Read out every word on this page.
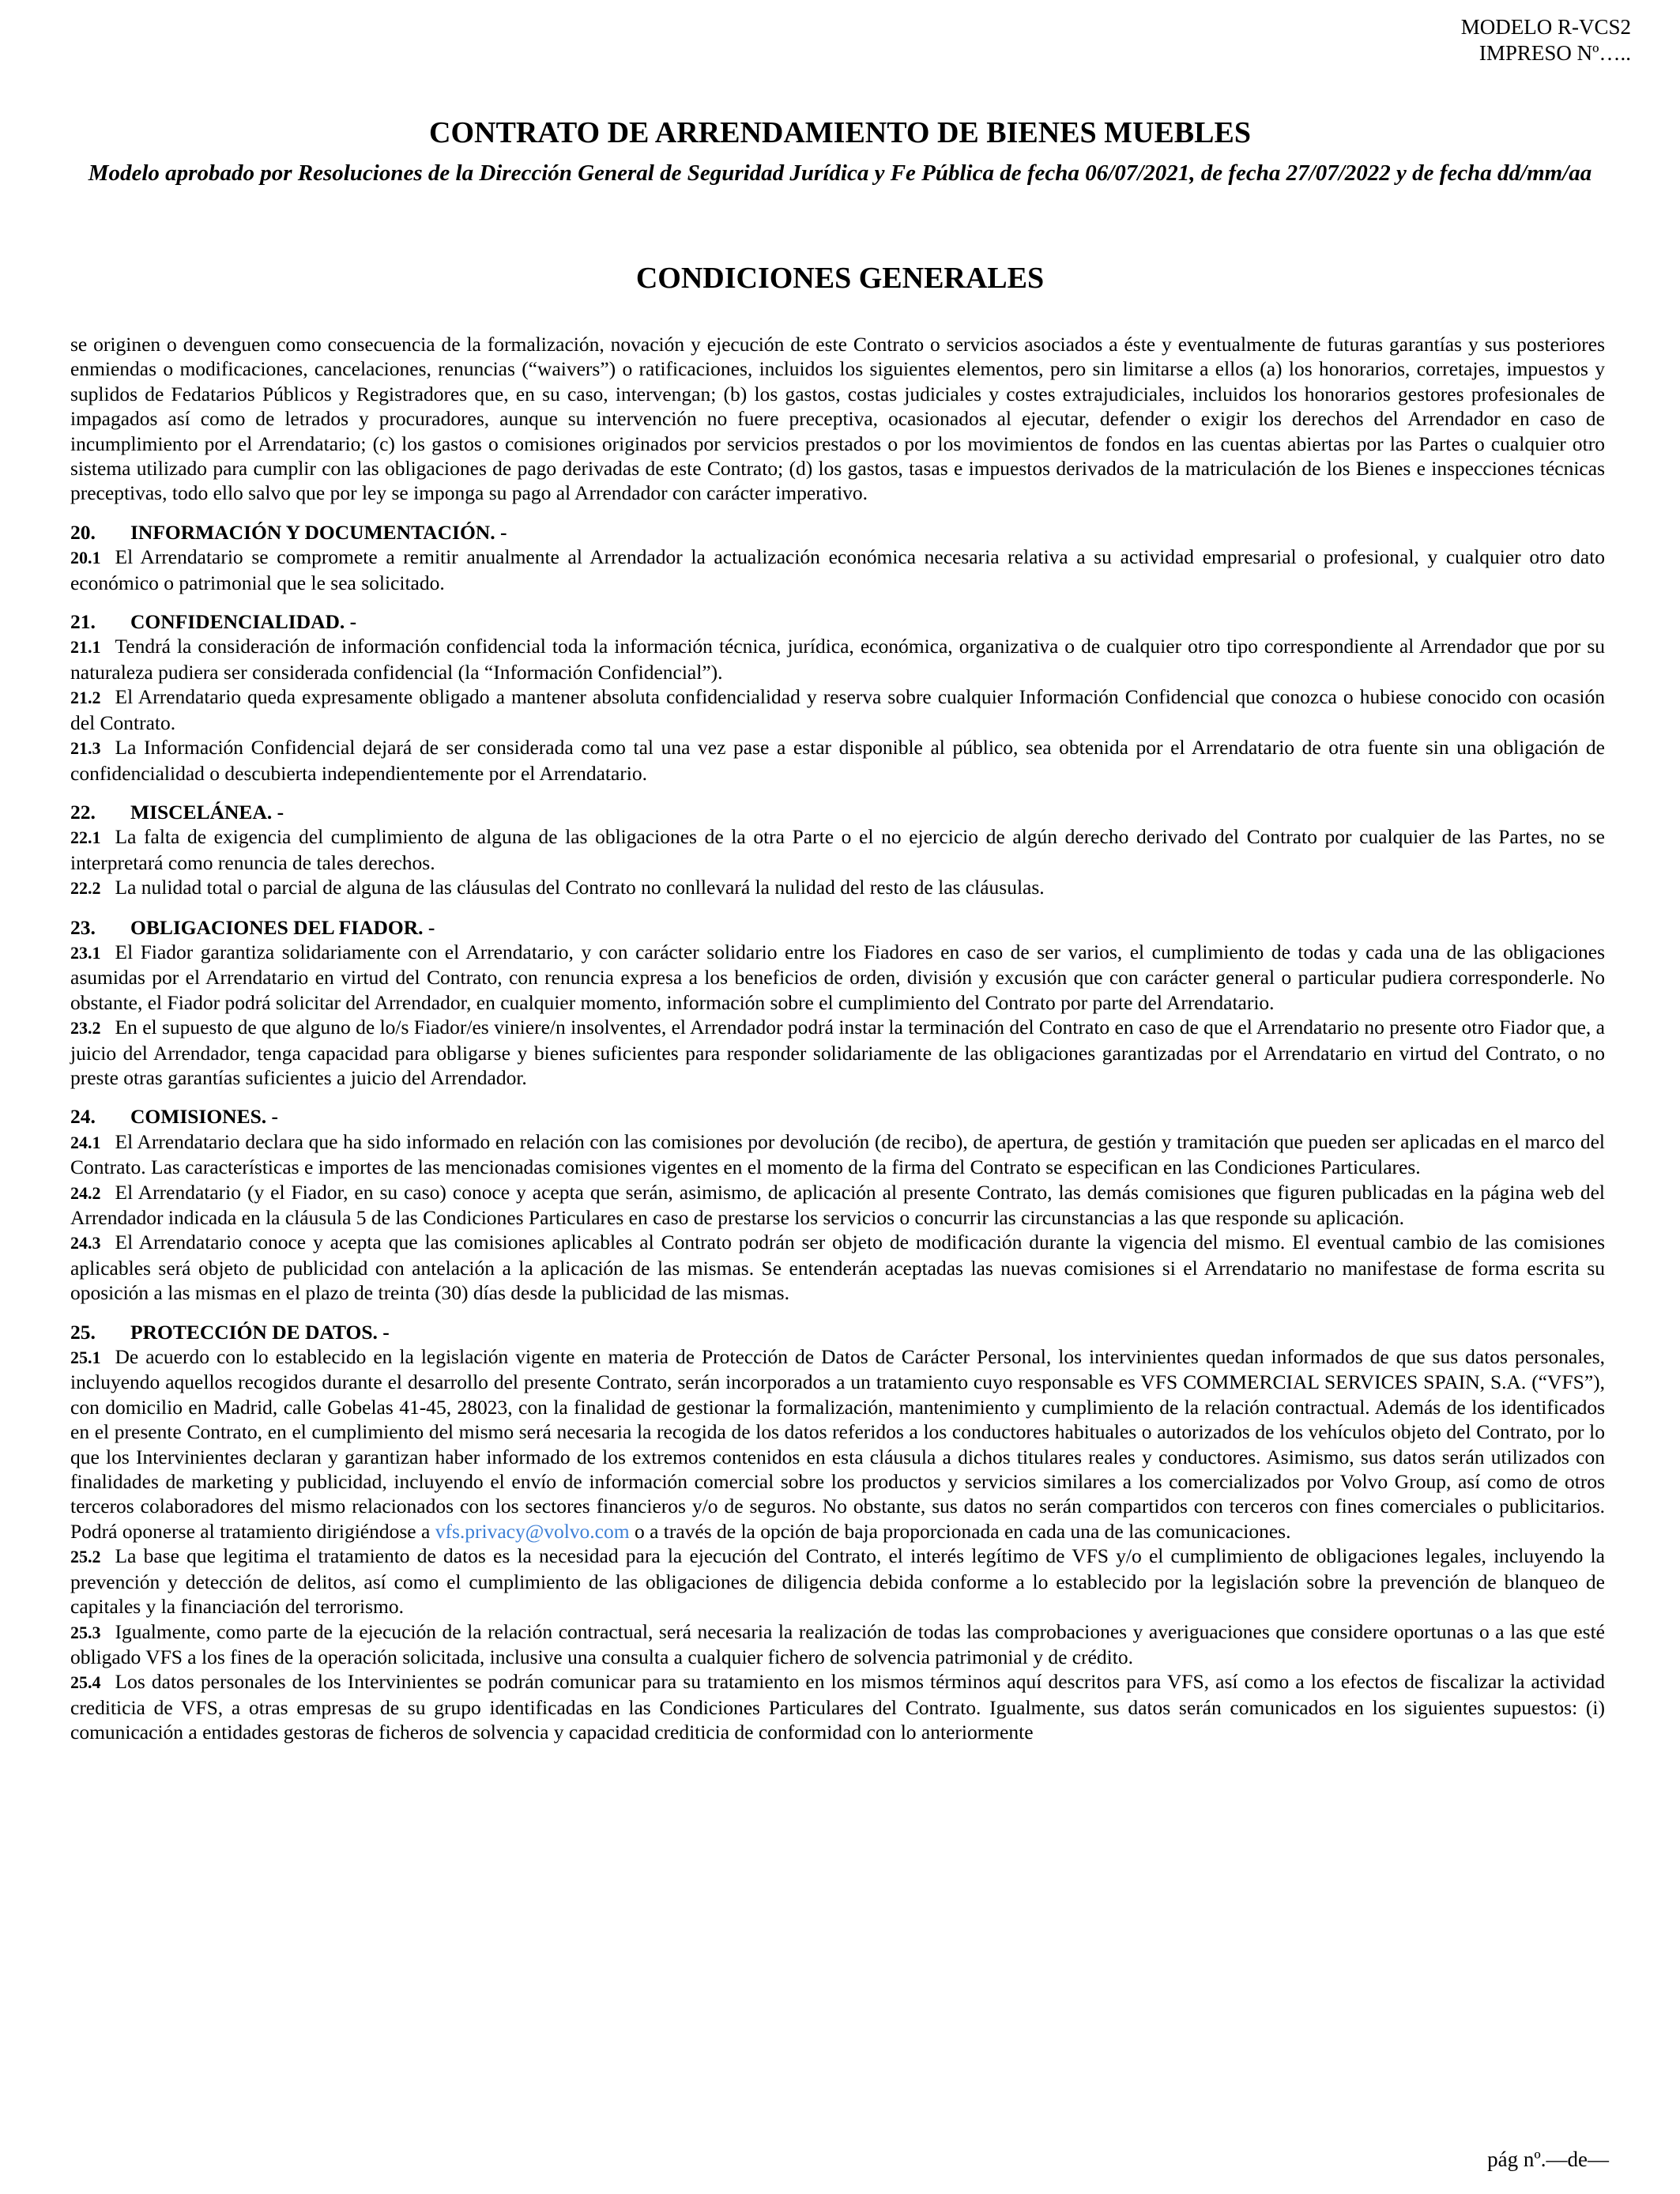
MODELO R-VCS2
IMPRESO Nº…..
CONTRATO DE ARRENDAMIENTO DE BIENES MUEBLES
Modelo aprobado por Resoluciones de la Dirección General de Seguridad Jurídica y Fe Pública de fecha 06/07/2021, de fecha 27/07/2022 y de fecha dd/mm/aa
CONDICIONES GENERALES

se originen o devenguen como consecuencia de la formalización, novación y ejecución de este Contrato o servicios asociados a éste y eventualmente de futuras garantías y sus posteriores enmiendas o modificaciones, cancelaciones, renuncias (“waivers”) o ratificaciones, incluidos los siguientes elementos, pero sin limitarse a ellos (a) los honorarios, corretajes, impuestos y suplidos de Fedatarios Públicos y Registradores que, en su caso, intervengan; (b) los gastos, costas judiciales y costes extrajudiciales, incluidos los honorarios gestores profesionales de impagados así como de letrados y procuradores, aunque su intervención no fuere preceptiva, ocasionados al ejecutar, defender o exigir los derechos del Arrendador en caso de incumplimiento por el Arrendatario; (c) los gastos o comisiones originados por servicios prestados o por los movimientos de fondos en las cuentas abiertas por las Partes o cualquier otro sistema utilizado para cumplir con las obligaciones de pago derivadas de este Contrato; (d) los gastos, tasas e impuestos derivados de la matriculación de los Bienes e inspecciones técnicas preceptivas, todo ello salvo que por ley se imponga su pago al Arrendador con carácter imperativo.

20. INFORMACIÓN Y DOCUMENTACIÓN. -

20.1 El Arrendatario se compromete a remitir anualmente al Arrendador la actualización económica necesaria relativa a su actividad empresarial o profesional, y cualquier otro dato económico o patrimonial que le sea solicitado.

21. CONFIDENCIALIDAD. -

21.1 Tendrá la consideración de información confidencial toda la información técnica, jurídica, económica, organizativa o de cualquier otro tipo correspondiente al Arrendador que por su naturaleza pudiera ser considerada confidencial (la “Información Confidencial”).

21.2 El Arrendatario queda expresamente obligado a mantener absoluta confidencialidad y reserva sobre cualquier Información Confidencial que conozca o hubiese conocido con ocasión del Contrato.

21.3 La Información Confidencial dejará de ser considerada como tal una vez pase a estar disponible al público, sea obtenida por el Arrendatario de otra fuente sin una obligación de confidencialidad o descubierta independientemente por el Arrendatario.

22. MISCELÁNEA. -

22.1 La falta de exigencia del cumplimiento de alguna de las obligaciones de la otra Parte o el no ejercicio de algún derecho derivado del Contrato por cualquier de las Partes, no se interpretará como renuncia de tales derechos.

22.2 La nulidad total o parcial de alguna de las cláusulas del Contrato no conllevará la nulidad del resto de las cláusulas.

23. OBLIGACIONES DEL FIADOR. -

23.1 El Fiador garantiza solidariamente con el Arrendatario, y con carácter solidario entre los Fiadores en caso de ser varios, el cumplimiento de todas y cada una de las obligaciones asumidas por el Arrendatario en virtud del Contrato, con renuncia expresa a los beneficios de orden, división y excusión que con carácter general o particular pudiera corresponderle. No obstante, el Fiador podrá solicitar del Arrendador, en cualquier momento, información sobre el cumplimiento del Contrato por parte del Arrendatario.

23.2 En el supuesto de que alguno de lo/s Fiador/es viniere/n insolventes, el Arrendador podrá instar la terminación del Contrato en caso de que el Arrendatario no presente otro Fiador que, a juicio del Arrendador, tenga capacidad para obligarse y bienes suficientes para responder solidariamente de las obligaciones garantizadas por el Arrendatario en virtud del Contrato, o no preste otras garantías suficientes a juicio del Arrendador.

24. COMISIONES. -

24.1 El Arrendatario declara que ha sido informado en relación con las comisiones por devolución (de recibo), de apertura, de gestión y tramitación que pueden ser aplicadas en el marco del Contrato. Las características e importes de las mencionadas comisiones vigentes en el momento de la firma del Contrato se especifican en las Condiciones Particulares.

24.2 El Arrendatario (y el Fiador, en su caso) conoce y acepta que serán, asimismo, de aplicación al presente Contrato, las demás comisiones que figuren publicadas en la página web del Arrendador indicada en la cláusula 5 de las Condiciones Particulares en caso de prestarse los servicios o concurrir las circunstancias a las que responde su aplicación.

24.3 El Arrendatario conoce y acepta que las comisiones aplicables al Contrato podrán ser objeto de modificación durante la vigencia del mismo. El eventual cambio de las comisiones aplicables será objeto de publicidad con antelación a la aplicación de las mismas. Se entenderán aceptadas las nuevas comisiones si el Arrendatario no manifestase de forma escrita su oposición a las mismas en el plazo de treinta (30) días desde la publicidad de las mismas.

25. PROTECCIÓN DE DATOS. -

25.1 De acuerdo con lo establecido en la legislación vigente en materia de Protección de Datos de Carácter Personal, los intervinientes quedan informados de que sus datos personales, incluyendo aquellos recogidos durante el desarrollo del presente Contrato, serán incorporados a un tratamiento cuyo responsable es VFS COMMERCIAL SERVICES SPAIN, S.A. (“VFS”), con domicilio en Madrid, calle Gobelas 41-45, 28023, con la finalidad de gestionar la formalización, mantenimiento y cumplimiento de la relación contractual. Además de los identificados en el presente Contrato, en el cumplimiento del mismo será necesaria la recogida de los datos referidos a los conductores habituales o autorizados de los vehículos objeto del Contrato, por lo que los Intervinientes declaran y garantizan haber informado de los extremos contenidos en esta cláusula a dichos titulares reales y conductores. Asimismo, sus datos serán utilizados con finalidades de marketing y publicidad, incluyendo el envío de información comercial sobre los productos y servicios similares a los comercializados por Volvo Group, así como de otros terceros colaboradores del mismo relacionados con los sectores financieros y/o de seguros. No obstante, sus datos no serán compartidos con terceros con fines comerciales o publicitarios. Podrá oponerse al tratamiento dirigiéndose a vfs.privacy@volvo.com o a través de la opción de baja proporcionada en cada una de las comunicaciones.

25.2 La base que legitima el tratamiento de datos es la necesidad para la ejecución del Contrato, el interés legítimo de VFS y/o el cumplimiento de obligaciones legales, incluyendo la prevención y detección de delitos, así como el cumplimiento de las obligaciones de diligencia debida conforme a lo establecido por la legislación sobre la prevención de blanqueo de capitales y la financiación del terrorismo.

25.3 Igualmente, como parte de la ejecución de la relación contractual, será necesaria la realización de todas las comprobaciones y averiguaciones que considere oportunas o a las que esté obligado VFS a los fines de la operación solicitada, inclusive una consulta a cualquier fichero de solvencia patrimonial y de crédito.

25.4 Los datos personales de los Intervinientes se podrán comunicar para su tratamiento en los mismos términos aquí descritos para VFS, así como a los efectos de fiscalizar la actividad crediticia de VFS, a otras empresas de su grupo identificadas en las Condiciones Particulares del Contrato. Igualmente, sus datos serán comunicados en los siguientes supuestos: (i) comunicación a entidades gestoras de ficheros de solvencia y capacidad crediticia de conformidad con lo anteriormente

pág nº.—de—
